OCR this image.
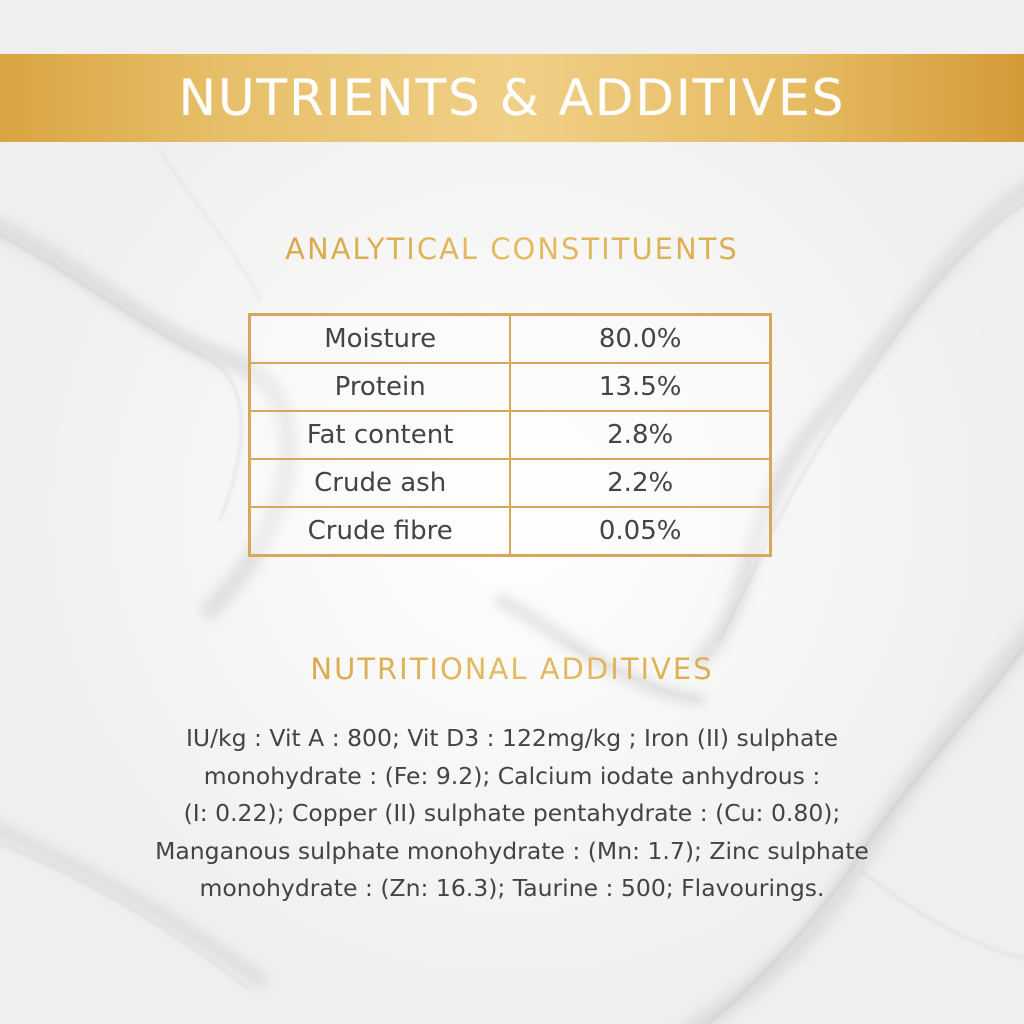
NUTRIENTS & ADDITIVES
ANALYTICAL CONSTITUENTS
Moisture	80.0%
Protein	13.5%
Fat content	2.8%
Crude ash	2.2%
Crude fibre	0.05%
NUTRITIONAL ADDITIVES

IU/kg : Vit A : 800; Vit D3 : 122mg/kg ; Iron (II) sulphate
monohydrate : (Fe: 9.2); Calcium iodate anhydrous :
(I: 0.22); Copper (II) sulphate pentahydrate : (Cu: 0.80);
Manganous sulphate monohydrate : (Mn: 1.7); Zinc sulphate
monohydrate : (Zn: 16.3); Taurine : 500; Flavourings.
